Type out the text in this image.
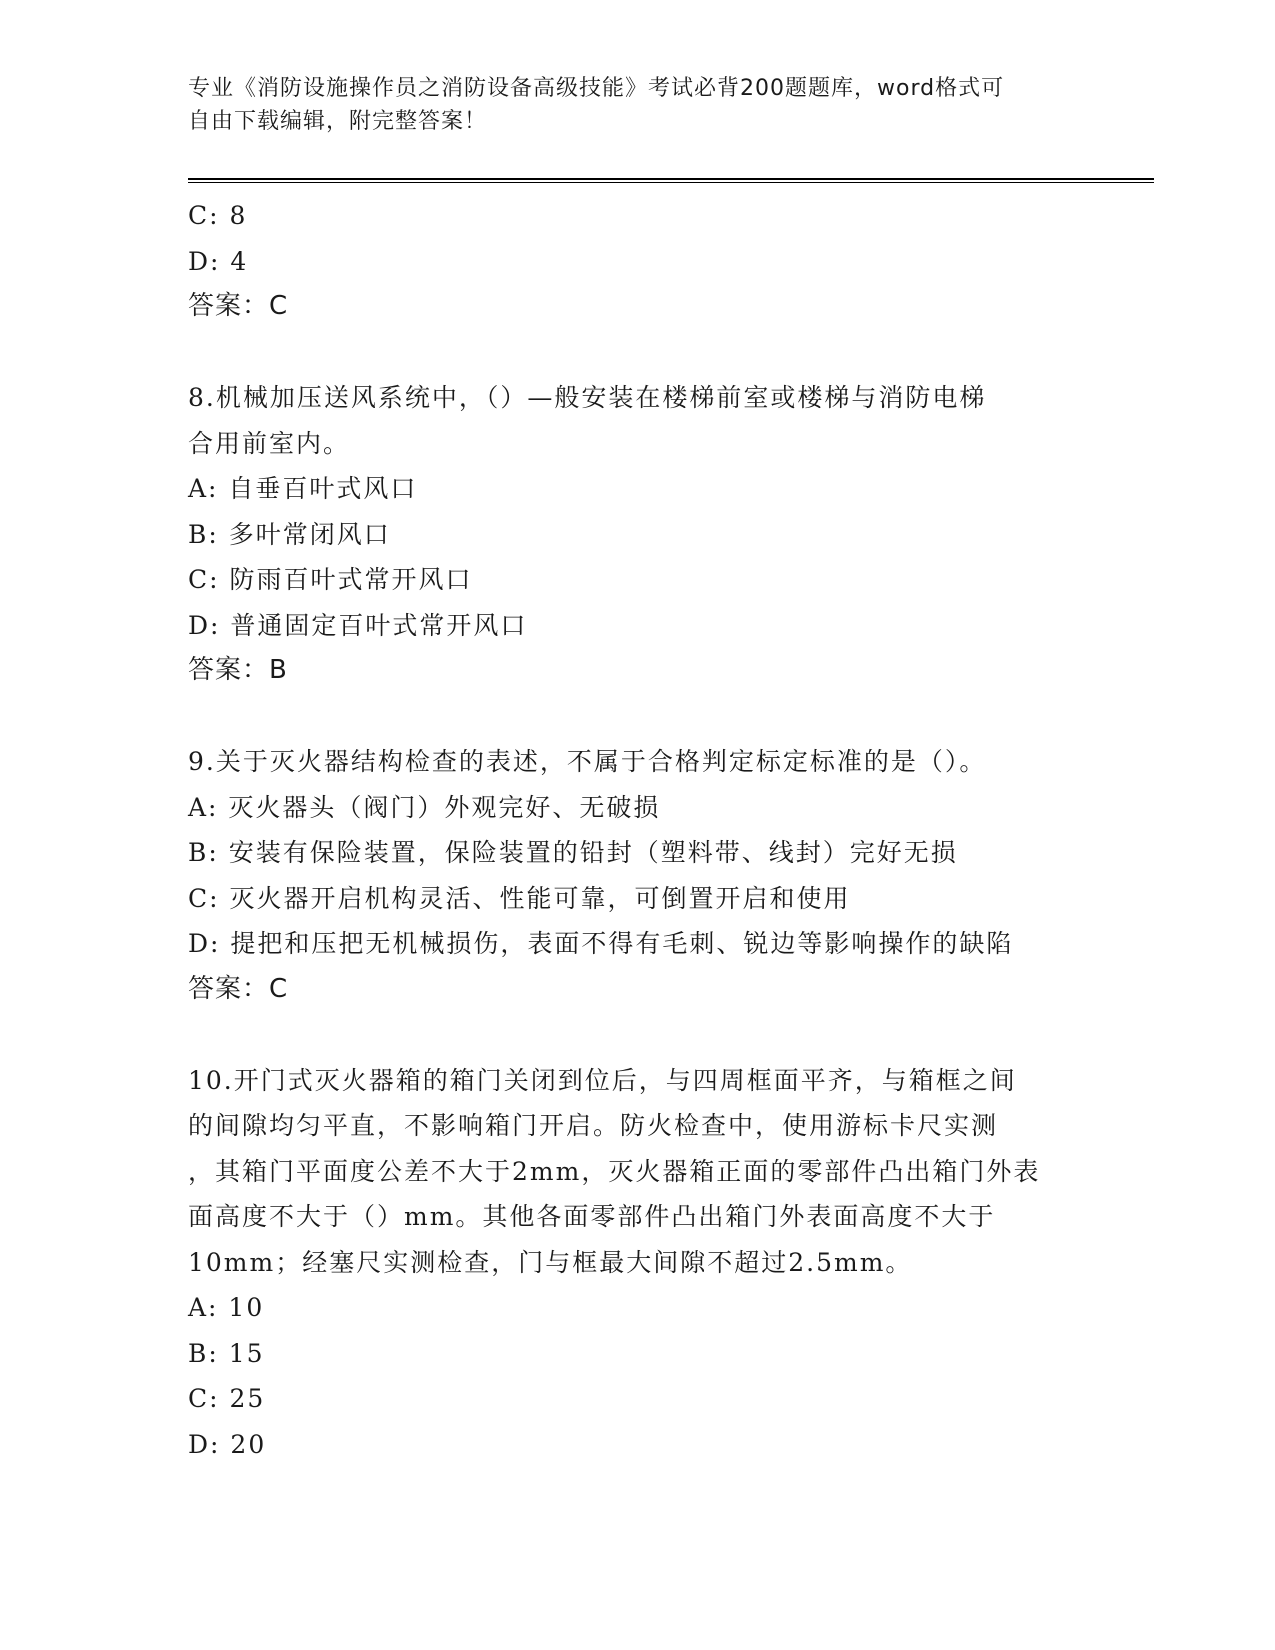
专业《消防设施操作员之消防设备高级技能》考试必背200题题库，word格式可
自由下载编辑，附完整答案！
C: 8
D: 4
答案：C
8.机械加压送风系统中，（）—般安装在楼梯前室或楼梯与消防电梯
合用前室内。
A: 自垂百叶式风口
B: 多叶常闭风口
C: 防雨百叶式常开风口
D: 普通固定百叶式常开风口
答案：B
9.关于灭火器结构检查的表述，不属于合格判定标定标准的是（）。
A: 灭火器头（阀门）外观完好、无破损
B: 安装有保险装置，保险装置的铅封（塑料带、线封）完好无损
C: 灭火器开启机构灵活、性能可靠，可倒置开启和使用
D: 提把和压把无机械损伤，表面不得有毛刺、锐边等影响操作的缺陷
答案：C
10.开门式灭火器箱的箱门关闭到位后，与四周框面平齐，与箱框之间
的间隙均匀平直，不影响箱门开启。防火检查中，使用游标卡尺实测
，其箱门平面度公差不大于2mm，灭火器箱正面的零部件凸出箱门外表
面高度不大于（）mm。其他各面零部件凸出箱门外表面高度不大于
10mm；经塞尺实测检查，门与框最大间隙不超过2.5mm。
A: 10
B: 15
C: 25
D: 20
